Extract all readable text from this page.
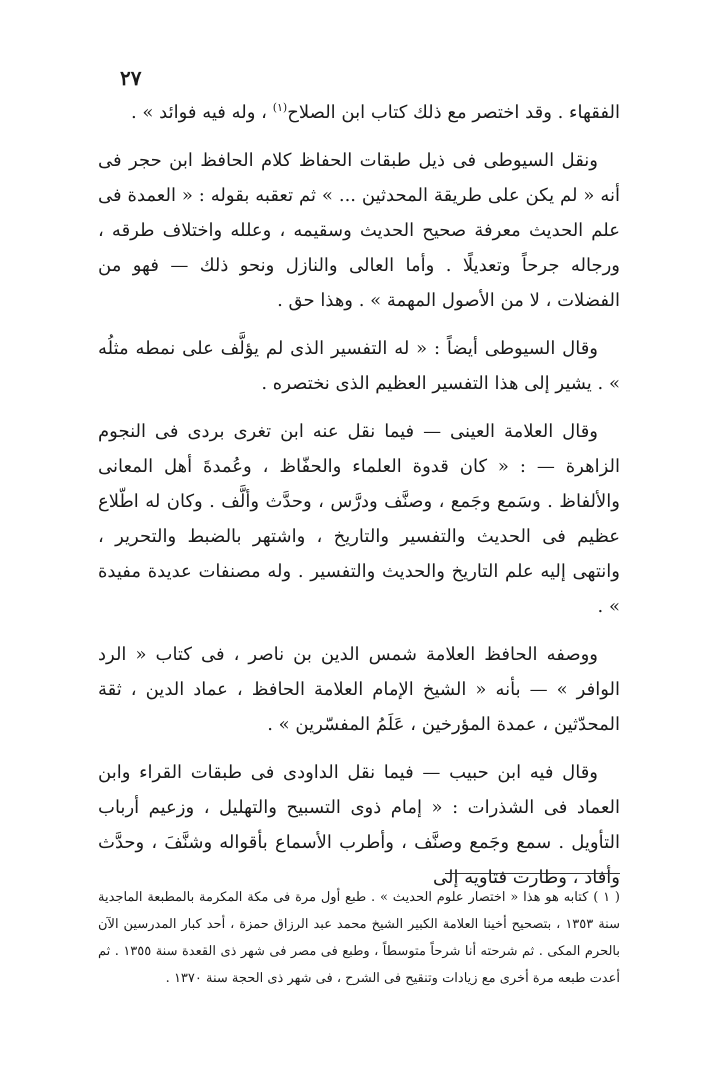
٢٧

الفقهاء . وقد اختصر مع ذلك كتاب ابن الصلاح$^{(١)}$ ، وله فيه فوائد » .

ونقل السيوطى فى ذيل طبقات الحفاظ كلام الحافظ ابن حجر فى أنه « لم يكن على طريقة المحدثين ... » ثم تعقبه بقوله : « العمدة فى علم الحديث معرفة صحيح الحديث وسقيمه ، وعلله واختلاف طرقه ، ورجاله جرحاً وتعديلًا . وأما العالى والنازل ونحو ذلك — فهو من الفضلات ، لا من الأصول المهمة » . وهذا حق .

وقال السيوطى أيضاً : « له التفسير الذى لم يؤلَّف على نمطه مثلُه » . يشير إلى هذا التفسير العظيم الذى نختصره .

وقال العلامة العينى — فيما نقل عنه ابن تغرى بردى فى النجوم الزاهرة — : « كان قدوة العلماء والحفّاظ ، وعُمدةَ أهل المعانى والألفاظ . وسَمع وجَمع ، وصنَّف ودرَّس ، وحدَّث وألَّف . وكان له اطّلاع عظيم فى الحديث والتفسير والتاريخ ، واشتهر بالضبط والتحرير ، وانتهى إليه علم التاريخ والحديث والتفسير . وله مصنفات عديدة مفيدة » .

ووصفه الحافظ العلامة شمس الدين بن ناصر ، فى كتاب « الرد الوافر » — بأنه « الشيخ الإمام العلامة الحافظ ، عماد الدين ، ثقة المحدّثين ، عمدة المؤرخين ، عَلَمُ المفسّرين » .

وقال فيه ابن حبيب — فيما نقل الداودى فى طبقات القراء وابن العماد فى الشذرات : « إمام ذوى التسبيح والتهليل ، وزعيم أرباب التأويل . سمع وجَمع وصنَّف ، وأطرب الأسماع بأقواله وشنَّفَ ، وحدَّث وأفاد ، وطارت فتاويه إلى

( ١ ) كتابه هو هذا « اختصار علوم الحديث » . طبع أول مرة فى مكة المكرمة بالمطبعة الماجدية سنة ١٣٥٣ ، بتصحيح أخينا العلامة الكبير الشيخ محمد عبد الرزاق حمزة ، أحد كبار المدرسين الآن بالحرم المكى . ثم شرحته أنا شرحاً متوسطاً ، وطبع فى مصر فى شهر ذى القعدة سنة ١٣٥٥ . ثم أعدت طبعه مرة أخرى مع زيادات وتنقيح فى الشرح ، فى شهر ذى الحجة سنة ١٣٧٠ .
